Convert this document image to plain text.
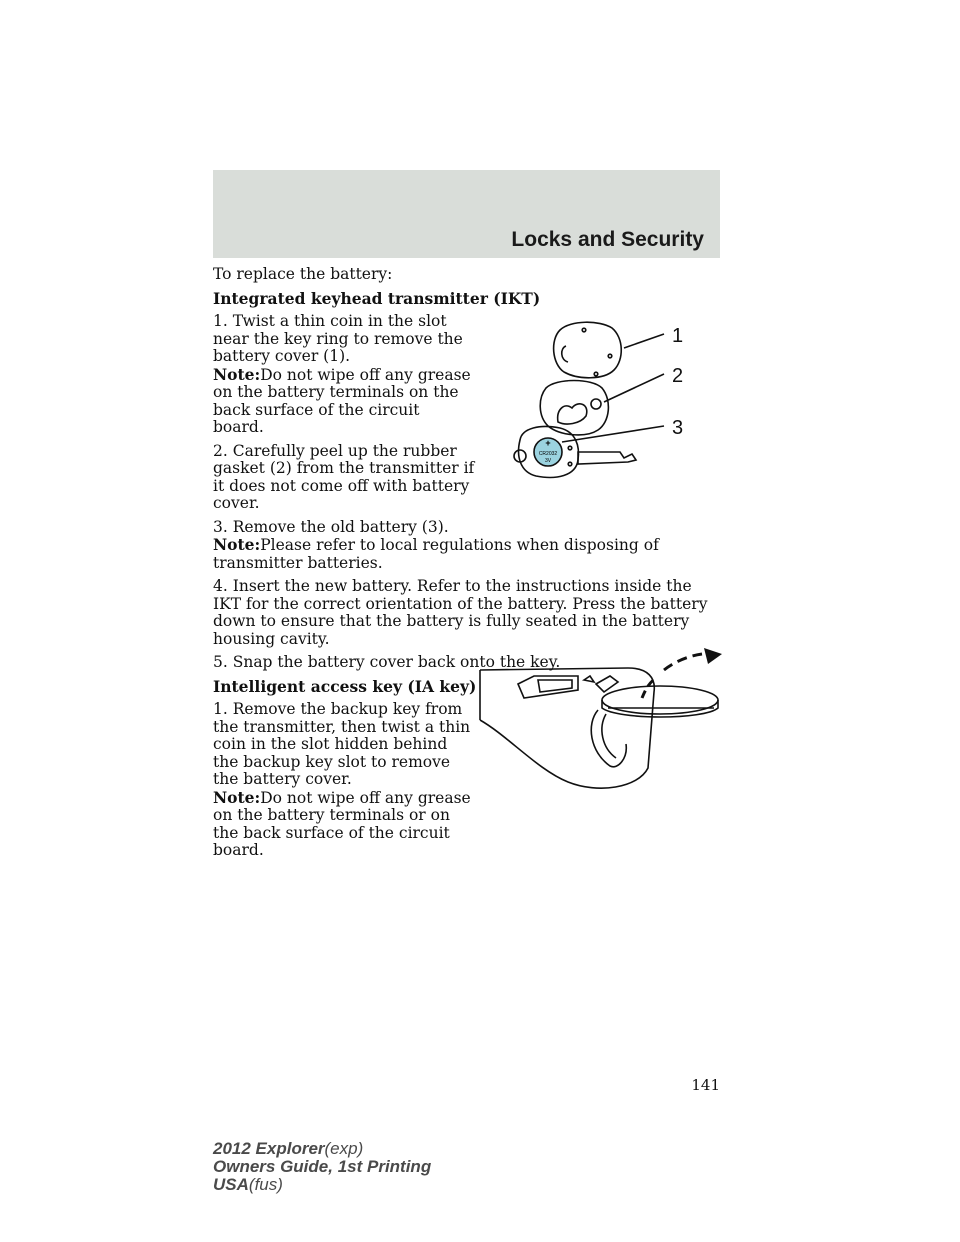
Locks and Security

To replace the battery:

Integrated keyhead transmitter (IKT)

1. Twist a thin coin in the slot near the key ring to remove the battery cover (1).
Note:Do not wipe off any grease on the battery terminals on the back surface of the circuit board.

2. Carefully peel up the rubber gasket (2) from the transmitter if it does not come off with battery cover.

3. Remove the old battery (3).
Note:Please refer to local regulations when disposing of transmitter batteries.

4. Insert the new battery. Refer to the instructions inside the IKT for the correct orientation of the battery. Press the battery down to ensure that the battery is fully seated in the battery housing cavity.

5. Snap the battery cover back onto the key.

Intelligent access key (IA key)

1. Remove the backup key from the transmitter, then twist a thin coin in the slot hidden behind the backup key slot to remove the battery cover.
Note:Do not wipe off any grease on the battery terminals or on the back surface of the circuit board.

+
CR2032
3V
1
2
3
141
2012 Explorer(exp)
Owners Guide, 1st Printing
USA(fus)
